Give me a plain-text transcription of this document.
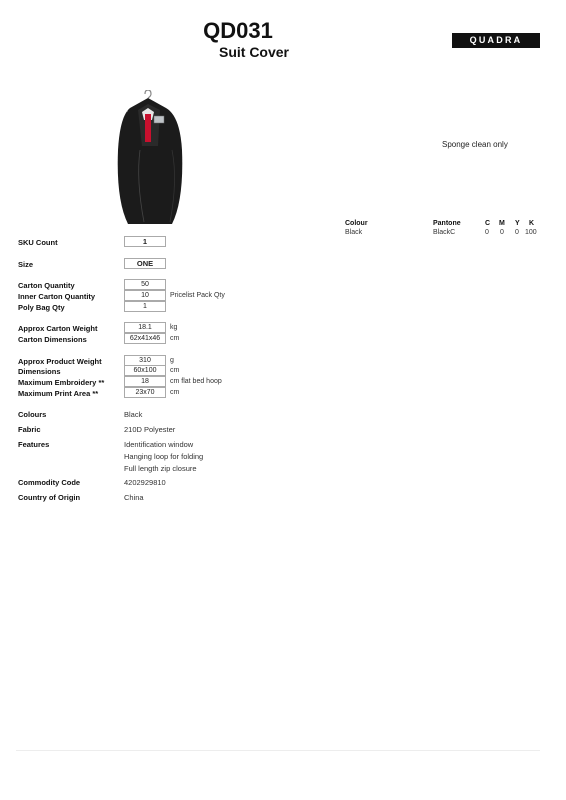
QD031
Suit Cover
QUADRA
Sponge clean only
Colour	Pantone	C M Y K
Black	BlackC	0 0 0 100
SKU Count	1
Size	ONE
Carton Quantity	50
Inner Carton Quantity	10	Pricelist Pack Qty
Poly Bag Qty	1
Approx Carton Weight	18.1	kg
Carton Dimensions	62x41x46	cm
Approx Product Weight	310	g
Dimensions	60x100	cm
Maximum Embroidery **	18	cm flat bed hoop
Maximum Print Area **	23x70	cm
Colours	Black
Fabric	210D Polyester
Features	Identification window
Hanging loop for folding
Full length zip closure
Commodity Code	4202929810
Country of Origin	China
